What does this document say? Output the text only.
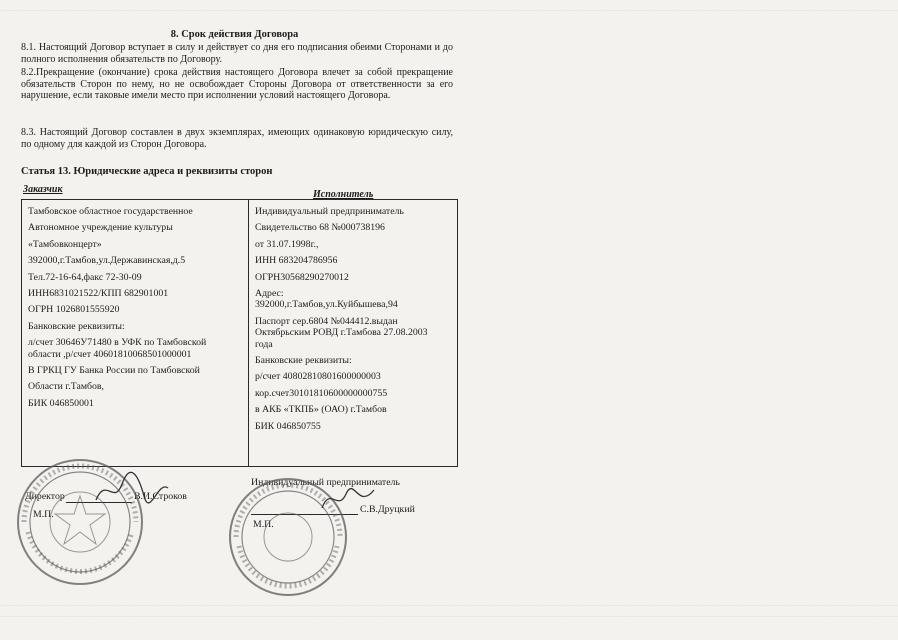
⸻⸻⸻⸻⸻⸻⸻⸻⸻⸻⸻⸻⸻⸻⸻⸻⸻⸻⸻⸻⸻⸻⸻⸻⸻⸻⸻⸻⸻⸻⸻⸻⸻⸻⸻⸻⸻⸻⸻⸻
8. Срок действия Договора

8.1. Настоящий Договор вступает в силу и действует со дня его подписания обеими Сторонами и до полного исполнения обязательств по Договору.

8.2.Прекращение (окончание) срока действия настоящего Договора влечет за собой прекращение обязательств Сторон по нему, но не освобождает Стороны Договора от ответственности за его нарушение, если таковые имели место при исполнении условий настоящего Договора.

8.3. Настоящий Договор составлен в двух экземплярах, имеющих одинаковую юридическую силу, по одному для каждой из Сторон Договора.

Статья 13. Юридические адреса и реквизиты сторон
Заказчик	Исполнитель
Тамбовское областное государственное
Автономное учреждение культуры
«Тамбовконцерт»
392000,г.Тамбов,ул.Державинская,д.5
Тел.72-16-64,факс 72-30-09
ИНН6831021522/КПП 682901001
ОГРН 1026801555920
Банковские реквизиты:
л/счет 30646У71480 в УФК по Тамбовской
области ,р/счет 40601810068501000001
В ГРКЦ ГУ Банка России по Тамбовской
Области г.Тамбов,
БИК 046850001
Индивидуальный предприниматель
Свидетельство 68 №000738196
от 31.07.1998г.,
ИНН 683204786956
ОГРН30568290270012
Адрес:
392000,г.Тамбов,ул.Куйбышева,94
Паспорт сер.6804 №044412.выдан
Октябрьским РОВД г.Тамбова 27.08.2003
года
Банковские реквизиты:
р/счет 40802810801600000003
кор.счет30101810600000000755
в АКБ «ТКПБ» (ОАО) г.Тамбов
БИК 046850755
Директор	В.И.Строков
М.П.
Индивидуальный предприниматель
С.В.Друцкий
М.П.
⸻⸻⸻⸻⸻⸻⸻⸻⸻⸻⸻⸻⸻⸻⸻⸻⸻⸻⸻⸻⸻⸻⸻⸻⸻⸻⸻⸻⸻⸻⸻⸻⸻⸻⸻⸻⸻⸻⸻⸻
⸻⸻⸻⸻⸻⸻⸻⸻⸻⸻⸻⸻⸻⸻⸻⸻⸻⸻⸻⸻⸻⸻⸻⸻⸻⸻⸻⸻⸻⸻⸻⸻⸻⸻⸻⸻⸻⸻⸻⸻
